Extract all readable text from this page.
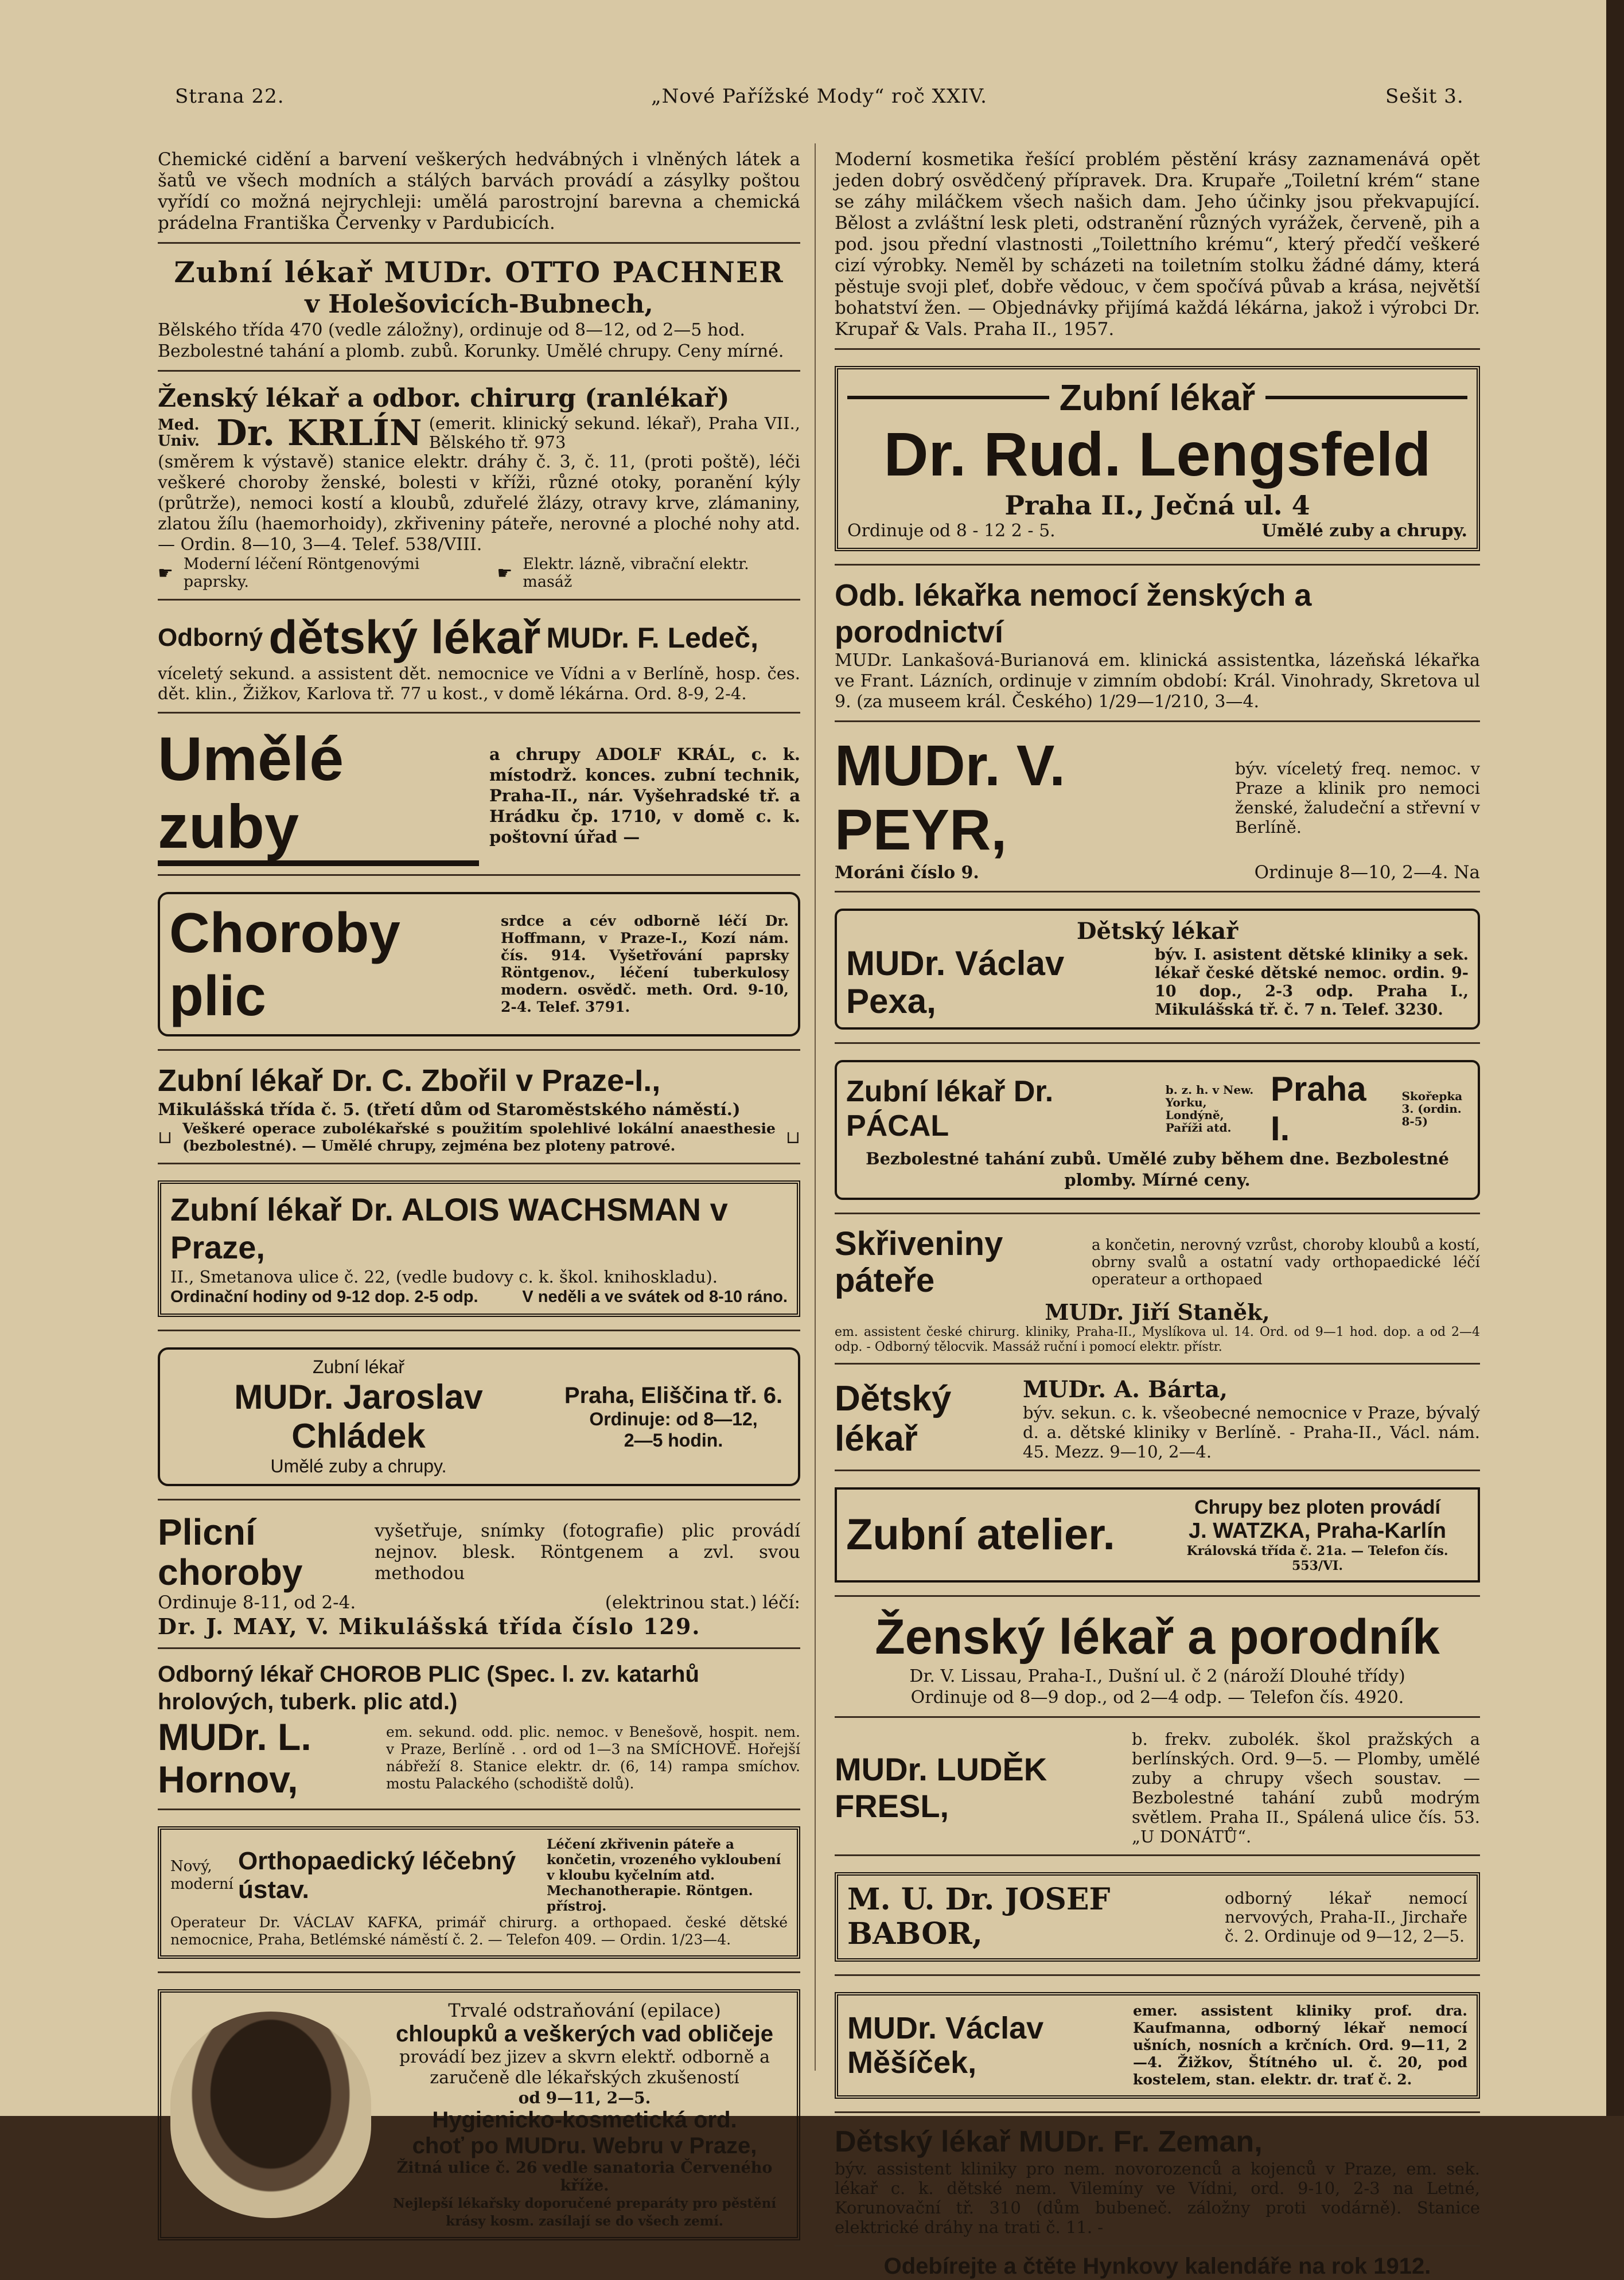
Strana 22.	„Nové Pařížské Mody“ roč XXIV.	Sešit 3.
Chemické cidění a barvení veškerých hedvábných i vlněných látek a šatů ve všech modních a stálých barvách provádí a zásylky poštou vyřídí co možná nejrychleji: umělá parostrojní barevna a chemická prádelna Františka Červenky v Pardubicích.
Zubní lékař MUDr. OTTO PACHNER
v Holešovicích-Bubnech,
Bělského třída 470 (vedle záložny), ordinuje od 8—12, od 2—5 hod.
Bezbolestné tahání a plomb. zubů. Korunky. Umělé chrupy. Ceny mírné.
Ženský lékař a odbor. chirurg (ranlékař)
Med. Univ. Dr. KRLÍN (emerit. klinický sekund. lékař), Praha VII., Bělského tř. 973
(směrem k výstavě) stanice elektr. dráhy č. 3, č. 11, (proti poště), léči veškeré choroby ženské, bolesti v kříži, různé otoky, poranění kýly (průtrže), nemoci kostí a kloubů, zduřelé žlázy, otravy krve, zlámaniny, zlatou žílu (haemorhoidy), zkřiveniny páteře, nerovné a ploché nohy atd. — Ordin. 8—10, 3—4. Telef. 538/VIII.
☛ Moderní léčení Röntgenovými paprsky.	☛ Elektr. lázně, vibrační elektr. masáž
Odborný dětský lékař MUDr. F. Ledeč,
víceletý sekund. a assistent dět. nemocnice ve Vídni a v Berlíně, hosp. čes. dět. klin., Žižkov, Karlova tř. 77 u kost., v domě lékárna. Ord. 8-9, 2-4.
Umělé zuby
a chrupy ADOLF KRÁL, c. k. místodrž. konces. zubní technik, Praha-II., nár. Vyšehradské tř. a Hrádku čp. 1710, v domě c. k. poštovní úřad —
Choroby plic
srdce a cév odborně léčí Dr. Hoffmann, v Praze-I., Kozí nám. čís. 914. Vyšetřování paprsky Röntgenov., léčení tuberkulosy modern. osvědč. meth. Ord. 9-10, 2-4. Telef. 3791.
Zubní lékař Dr. C. Zbořil v Praze-I.,
Mikulášská třída č. 5. (třetí dům od Staroměstského náměstí.)
⊔ Veškeré operace zubolékařské s použitím spolehlivé lokální anaesthesie (bezbolestné). — Umělé chrupy, zejména bez ploteny patrové.	⊔
Zubní lékař Dr. ALOIS WACHSMAN v Praze,
II., Smetanova ulice č. 22, (vedle budovy c. k. škol. knihoskladu).
Ordinační hodiny od 9-12 dop. 2-5 odp.	V neděli a ve svátek od 8-10 ráno.
Zubní lékař
MUDr. Jaroslav Chládek
Umělé zuby a chrupy.
Praha, Eliščina tř. 6.
Ordinuje: od 8—12,
2—5 hodin.
Plicní choroby
vyšetřuje, snímky (fotografie) plic provádí nejnov. blesk. Röntgenem a zvl. svou methodou
Ordinuje 8-11, od 2-4.	(elektrinou stat.) léčí:
Dr. J. MAY, V. Mikulášská třída číslo 129.
Odborný lékař CHOROB PLIC (Spec. l. zv. katarhů hrolových, tuberk. plic atd.)
MUDr. L. Hornov,
em. sekund. odd. plic. nemoc. v Benešově, hospit. nem. v Praze, Berlíně . . ord od 1—3 na SMÍCHOVĚ. Hořejší nábřeží 8. Stanice elektr. dr. (6, 14) rampa smíchov. mostu Palackého (schodiště dolů).
Nový, moderní
Orthopaedický léčebný ústav.
Léčení zkřivenin páteře a končetin, vrozeného vykloubení v kloubu kyčelním atd. Mechanotherapie. Röntgen. přístroj.
Operateur Dr. VÁCLAV KAFKA, primář chirurg. a orthopaed. české dětské nemocnice, Praha, Betlémské náměstí č. 2. — Telefon 409. — Ordin. 1/23—4.
Trvalé odstraňování (epilace)
chloupků a veškerých vad obličeje
provádí bez jizev a skvrn elektř. odborně a zaručeně dle lékařských zkušeností
od 9—11, 2—5.
Hygienicko-kosmetická ord.
choť po MUDru. Webru v Praze,
Žitná ulice č. 26 vedle sanatoria Červeného kříže.
Nejlepší lékařsky doporučené preparáty pro pěstění krásy kosm. zasílají se do všech zemí.
Moderní kosmetika řešící problém pěstění krásy zaznamenává opět jeden dobrý osvědčený přípravek. Dra. Krupaře „Toiletní krém“ stane se záhy miláčkem všech našich dam. Jeho účinky jsou překvapující. Bělost a zvláštní lesk pleti, odstranění různých vyrážek, červeně, pih a pod. jsou přední vlastnosti „Toilettního krému“, který předčí veškeré cizí výrobky. Neměl by scházeti na toiletním stolku žádné dámy, která pěstuje svoji pleť, dobře vědouc, v čem spočívá půvab a krása, největší bohatství žen. — Objednávky přijímá každá lékárna, jakož i výrobci Dr. Krupař & Vals. Praha II., 1957.
Zubní lékař
Dr. Rud. Lengsfeld
Praha II., Ječná ul. 4
Ordinuje od 8 - 12 2 - 5.	Umělé zuby a chrupy.
Odb. lékařka nemocí ženských a porodnictví
MUDr. Lankašová-Burianová em. klinická assistentka, lázeňská lékařka ve Frant. Lázních, ordinuje v zimním období: Král. Vinohrady, Skretova ul 9. (za museem král. Českého) 1/29—1/210, 3—4.
MUDr. V. PEYR,
býv. víceletý freq. nemoc. v Praze a klinik pro nemoci ženské, žaludeční a střevní v Berlíně.
Moráni číslo 9.	Ordinuje 8—10, 2—4. Na
Dětský lékař
MUDr. Václav Pexa,
býv. I. asistent dětské kliniky a sek. lékař české dětské nemoc. ordin. 9-10 dop., 2-3 odp. Praha I., Mikulášská tř. č. 7 n. Telef. 3230.
Zubní lékař Dr. PÁCAL
b. z. h. v New. Yorku, Londýně, Paříži atd.
Praha I.
Skořepka 3. (ordin. 8-5)
Bezbolestné tahání zubů. Umělé zuby během dne. Bezbolestné plomby. Mírné ceny.
Skřiveniny páteře
a končetin, nerovný vzrůst, choroby kloubů a kostí, obrny svalů a ostatní vady orthopaedické léčí operateur a orthopaed
MUDr. Jiří Staněk,
em. assistent české chirurg. kliniky, Praha-II., Myslíkova ul. 14. Ord. od 9—1 hod. dop. a od 2—4 odp. - Odborný tělocvik. Massáž ruční i pomocí elektr. přístr.
Dětský lékař
MUDr. A. Bárta,
býv. sekun. c. k. všeobecné nemocnice v Praze, bývalý d. a. dětské kliniky v Berlíně. - Praha-II., Václ. nám. 45. Mezz. 9—10, 2—4.
Zubní atelier.
Chrupy bez ploten provádí
J. WATZKA, Praha-Karlín
Královská třída č. 21a. — Telefon čís. 553/VI.
Ženský lékař a porodník
Dr. V. Lissau, Praha-I., Dušní ul. č 2 (nároží Dlouhé třídy)
Ordinuje od 8—9 dop., od 2—4 odp. — Telefon čís. 4920.
MUDr. LUDĚK FRESL,
b. frekv. zubolék. škol pražských a berlínských. Ord. 9—5. — Plomby, umělé zuby a chrupy všech soustav. — Bezbolestné tahání zubů modrým světlem. Praha II., Spálená ulice čís. 53. „U DONÁTŮ“.
M. U. Dr. JOSEF BABOR,
odborný lékař nemocí nervových, Praha-II., Jirchaře č. 2. Ordinuje od 9—12, 2—5.
MUDr. Václav Měšíček,
emer. assistent kliniky prof. dra. Kaufmanna, odborný lékař nemocí ušních, nosních a krčních. Ord. 9—11, 2—4. Žižkov, Štítného ul. č. 20, pod kostelem, stan. elektr. dr. trať č. 2.
Dětský lékař MUDr. Fr. Zeman,
býv. assistent kliniky pro nem. novorozenců a kojenců v Praze, em. sek. lékař c. k. dětské nem. Vilemíny ve Vídni, ord. 9-10, 2-3 na Letné, Korunovační tř. 310 (dům bubeneč. záložny proti vodárně). Stanice elektrické dráhy na trati č. 11. -
Odebírejte a čtěte Hynkovy kalendáře na rok 1912.
